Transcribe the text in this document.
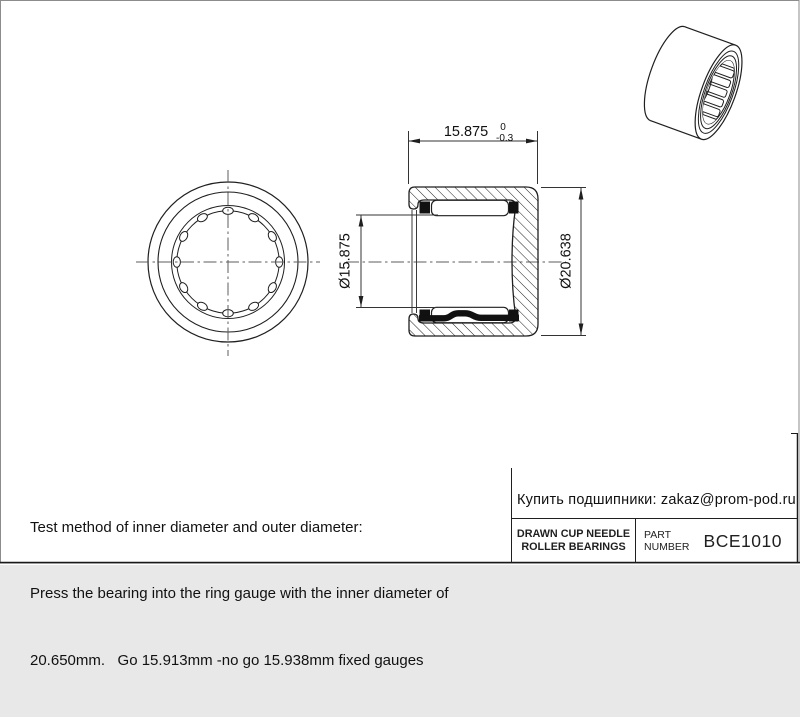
15.875 0
-0.3
Ø15.875	Ø20.638

Test method of inner diameter and outer diameter:

Press the bearing into the ring gauge with the inner diameter of

20.650mm.   Go 15.913mm -no go 15.938mm fixed gauges

Купить подшипники: zakaz@prom-pod.ru
DRAWN CUP NEEDLE
ROLLER BEARINGS
PART
NUMBER BCE1010
